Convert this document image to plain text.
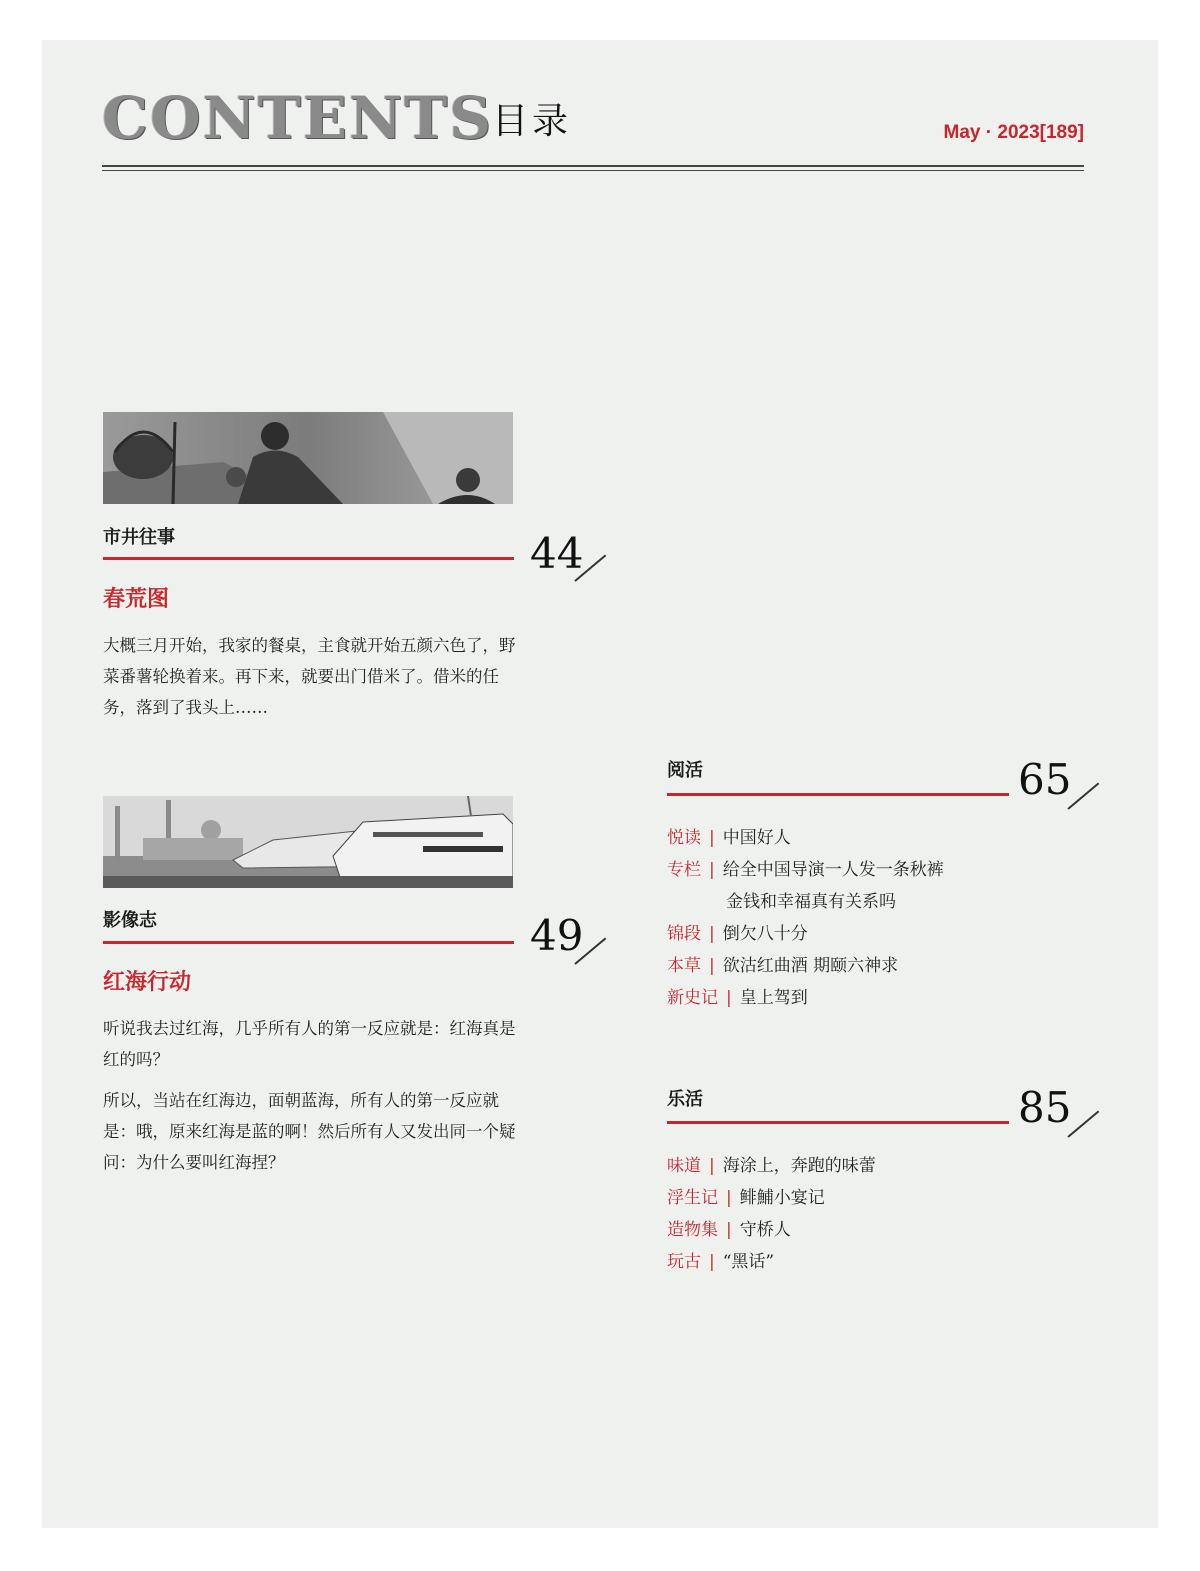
CONTENTS
目录	May · 2023[189]
市井往事	44
春荒图
大概三月开始，我家的餐桌，主食就开始五颜六色了，野菜番薯轮换着来。再下来，就要出门借米了。借米的任务，落到了我头上……
影像志	49
红海行动
听说我去过红海，几乎所有人的第一反应就是：红海真是红的吗？
所以，当站在红海边，面朝蓝海，所有人的第一反应就是：哦，原来红海是蓝的啊！然后所有人又发出同一个疑问：为什么要叫红海捏？
阅活	65
悦读 | 中国好人
专栏 | 给全中国导演一人发一条秋裤
金钱和幸福真有关系吗
锦段 | 倒欠八十分
本草 | 欲沽红曲酒 期颐六神求
新史记 | 皇上驾到
乐活	85
味道 | 海涂上，奔跑的味蕾
浮生记 | 鲱鯆小宴记
造物集 | 守桥人
玩古 | “黑话”
